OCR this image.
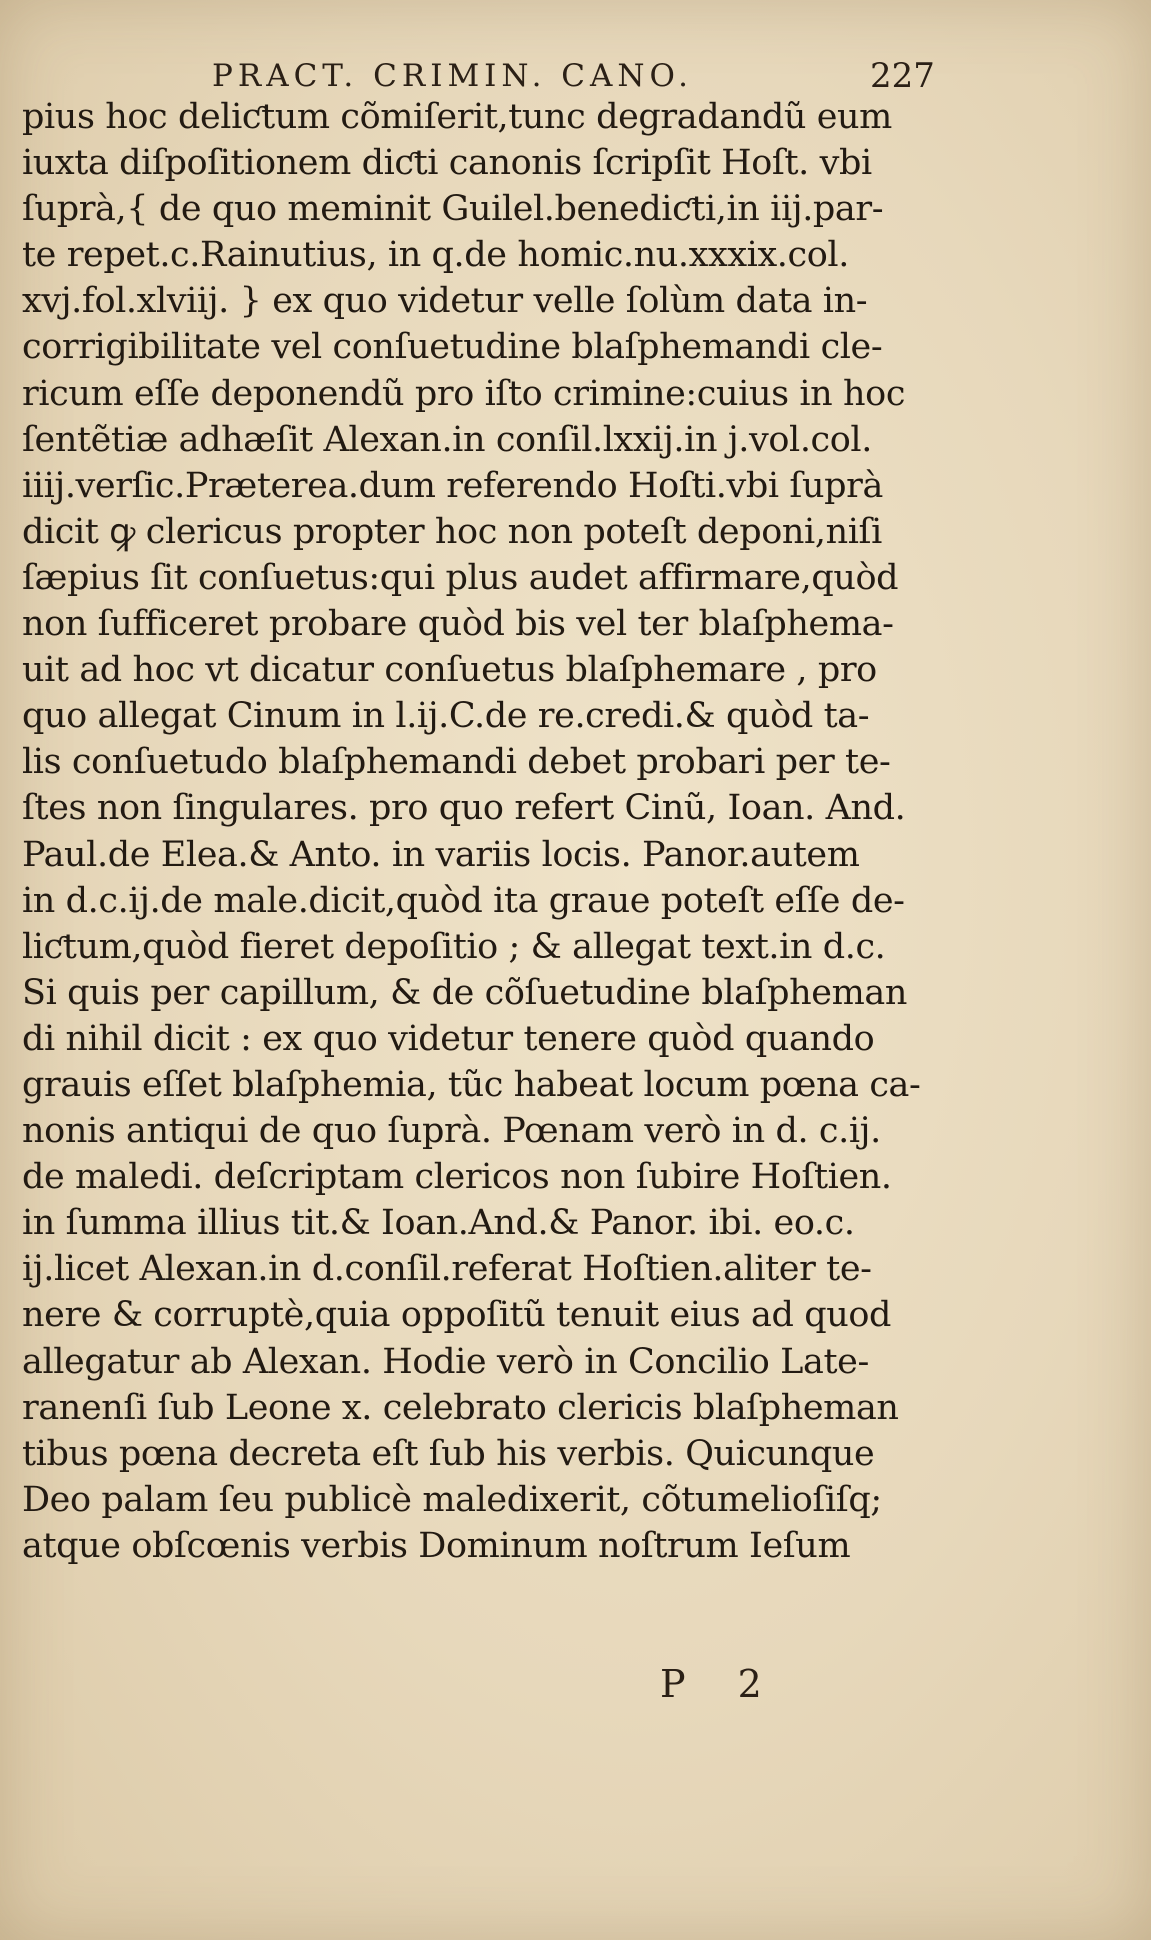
PRACT. CRIMIN. CANO.	227
pius hoc deliƈtum cõmiſerit,tunc degradandũ eum
iuxta diſpoſitionem diƈti canonis ſcripſit Hoſt. vbi
ſuprà,{ de quo meminit Guilel.benediƈti,in iij.par-
te repet.c.Rainutius, in q.de homic.nu.xxxix.col.
xvj.fol.xlviij. } ex quo videtur velle ſolùm data in-
corrigibilitate vel conſuetudine blaſphemandi cle-
ricum eſſe deponendũ pro iſto crimine:cuius in hoc
ſentẽtiæ adhæſit Alexan.in conſil.lxxij.in j.vol.col.
iiij.verſic.Præterea.dum referendo Hoſti.vbi ſuprà
dicit ꝙ clericus propter hoc non poteſt deponi,niſi
ſæpius ſit conſuetus:qui plus audet affirmare,quòd
non ſufficeret probare quòd bis vel ter blaſphema-
uit ad hoc vt dicatur conſuetus blaſphemare , pro
quo allegat Cinum in l.ij.C.de re.credi.& quòd ta-
lis conſuetudo blaſphemandi debet probari per te-
ſtes non ſingulares. pro quo refert Cinũ, Ioan. And.
Paul.de Elea.& Anto. in variis locis. Panor.autem
in d.c.ij.de male.dicit,quòd ita graue poteſt eſſe de-
liƈtum,quòd fieret depoſitio ; & allegat text.in d.c.
Si quis per capillum, & de cõſuetudine blaſpheman
di nihil dicit : ex quo videtur tenere quòd quando
grauis eſſet blaſphemia, tũc habeat locum pœna ca-
nonis antiqui de quo ſuprà. Pœnam verò in d. c.ij.
de maledi. deſcriptam clericos non ſubire Hoſtien.
in ſumma illius tit.& Ioan.And.& Panor. ibi. eo.c.
ij.licet Alexan.in d.conſil.referat Hoſtien.aliter te-
nere & corruptè,quia oppoſitũ tenuit eius ad quod
allegatur ab Alexan. Hodie verò in Concilio Late-
ranenſi ſub Leone x. celebrato clericis blaſpheman
tibus pœna decreta eſt ſub his verbis. Quicunque
Deo palam ſeu publicè maledixerit, cõtumelioſiſq;
atque obſcœnis verbis Dominum noſtrum Ieſum
P 2
